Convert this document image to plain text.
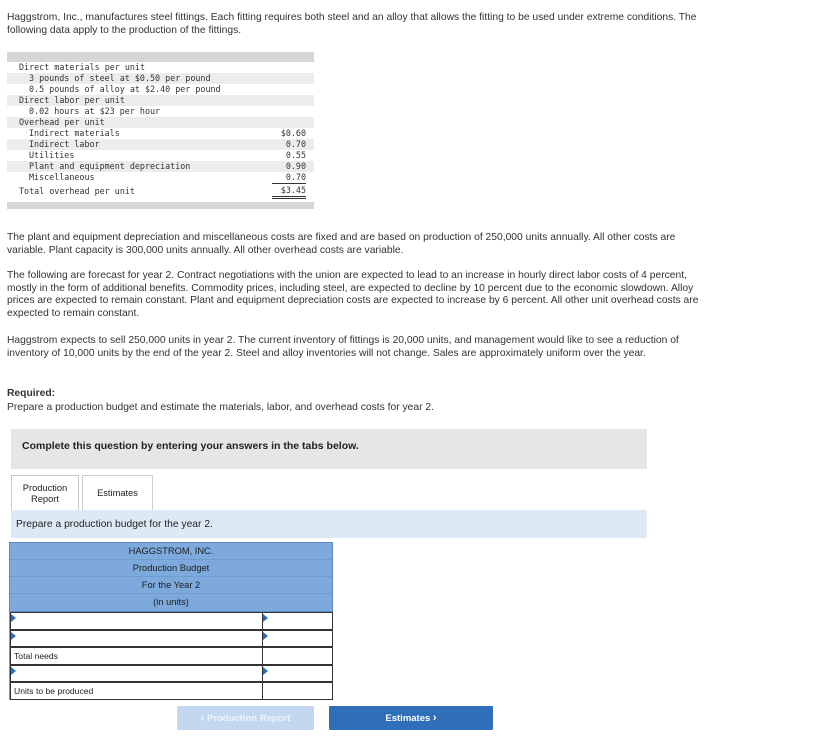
Haggstrom, Inc., manufactures steel fittings. Each fitting requires both steel and an alloy that allows the fitting to be used under extreme conditions. The following data apply to the production of the fittings.
Direct materials per unit
3 pounds of steel at $0.50 per pound
0.5 pounds of alloy at $2.40 per pound
Direct labor per unit
0.02 hours at $23 per hour
Overhead per unit
Indirect materials	$0.60
Indirect labor	0.70
Utilities	0.55
Plant and equipment depreciation	0.90
Miscellaneous	0.70
Total overhead per unit	$3.45
The plant and equipment depreciation and miscellaneous costs are fixed and are based on production of 250,000 units annually. All other costs are variable. Plant capacity is 300,000 units annually. All other overhead costs are variable.
The following are forecast for year 2. Contract negotiations with the union are expected to lead to an increase in hourly direct labor costs of 4 percent, mostly in the form of additional benefits. Commodity prices, including steel, are expected to decline by 10 percent due to the economic slowdown. Alloy prices are expected to remain constant. Plant and equipment depreciation costs are expected to increase by 6 percent. All other unit overhead costs are expected to remain constant.
Haggstrom expects to sell 250,000 units in year 2. The current inventory of fittings is 20,000 units, and management would like to see a reduction of inventory of 10,000 units by the end of the year 2. Steel and alloy inventories will not change. Sales are approximately uniform over the year.
Required:
Prepare a production budget and estimate the materials, labor, and overhead costs for year 2.
Complete this question by entering your answers in the tabs below.
Production
Report
Estimates
Prepare a production budget for the year 2.
HAGGSTROM, INC.
Production Budget
For the Year 2
(in units)
Total needs
Units to be produced
‹ Production Report	Estimates ›
